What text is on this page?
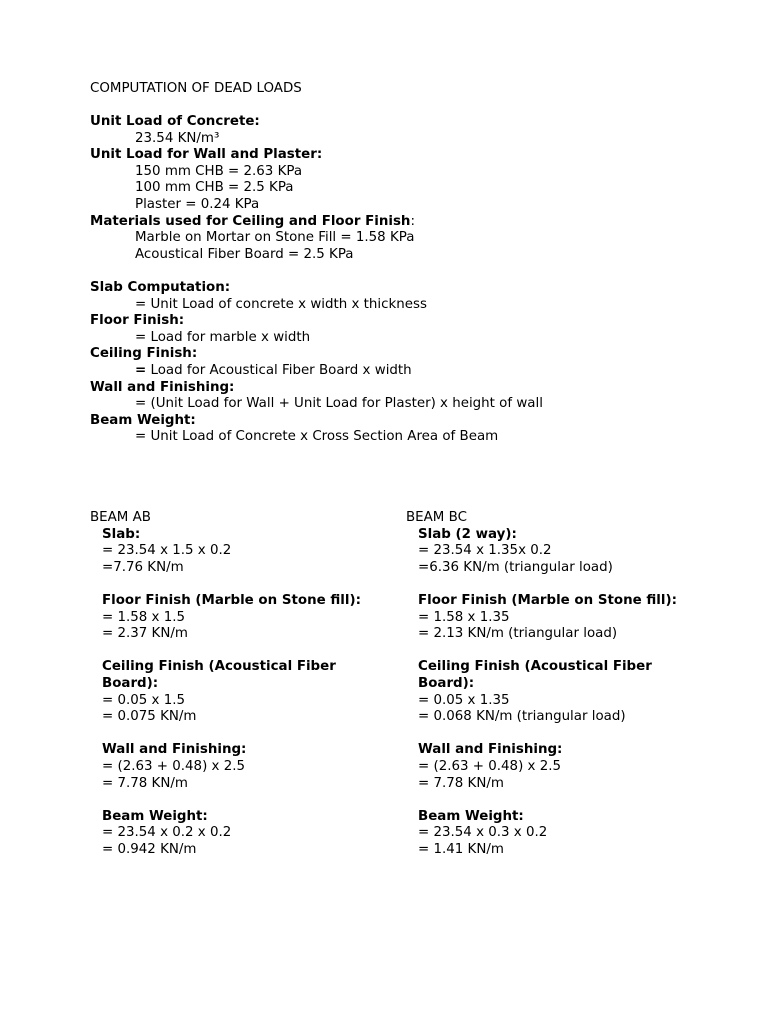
COMPUTATION OF DEAD LOADS
Unit Load of Concrete:
23.54 KN/m³
Unit Load for Wall and Plaster:
150 mm CHB = 2.63 KPa
100 mm CHB = 2.5 KPa
Plaster = 0.24 KPa
Materials used for Ceiling and Floor Finish:
Marble on Mortar on Stone Fill = 1.58 KPa
Acoustical Fiber Board = 2.5 KPa
Slab Computation:
= Unit Load of concrete x width x thickness
Floor Finish:
= Load for marble x width
Ceiling Finish:
= Load for Acoustical Fiber Board x width
Wall and Finishing:
= (Unit Load for Wall + Unit Load for Plaster) x height of wall
Beam Weight:
= Unit Load of Concrete x Cross Section Area of Beam
BEAM AB
Slab:
= 23.54 x 1.5 x 0.2
=7.76 KN/m
Floor Finish (Marble on Stone fill):
= 1.58 x 1.5
= 2.37 KN/m
Ceiling Finish (Acoustical Fiber Board):
= 0.05 x 1.5
= 0.075 KN/m
Wall and Finishing:
= (2.63 + 0.48) x 2.5
= 7.78 KN/m
Beam Weight:
= 23.54 x 0.2 x 0.2
= 0.942 KN/m
BEAM BC
Slab (2 way):
= 23.54 x 1.35x 0.2
=6.36 KN/m (triangular load)
Floor Finish (Marble on Stone fill):
= 1.58 x 1.35
= 2.13 KN/m (triangular load)
Ceiling Finish (Acoustical Fiber Board):
= 0.05 x 1.35
= 0.068 KN/m (triangular load)
Wall and Finishing:
= (2.63 + 0.48) x 2.5
= 7.78 KN/m
Beam Weight:
= 23.54 x 0.3 x 0.2
= 1.41 KN/m
